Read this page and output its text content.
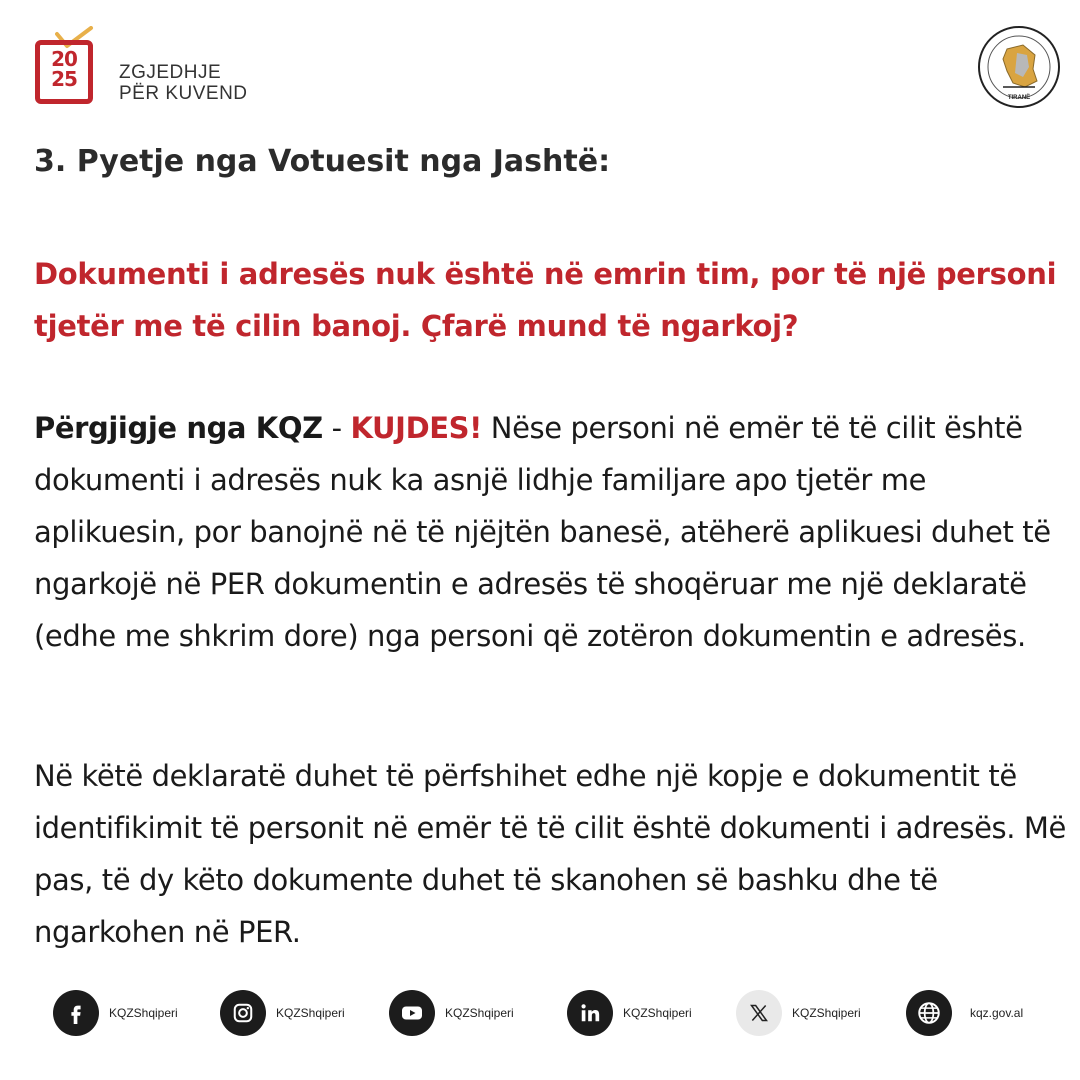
20
25	ZGJEDHJE
PËR KUVEND	TIRANË
3. Pyetje nga Votuesit nga Jashtë:

Dokumenti i adresës nuk është në emrin tim, por të një personi tjetër me të cilin banoj. Çfarë mund të ngarkoj?

Përgjigje nga KQZ - KUJDES! Nëse personi në emër të të cilit është dokumenti i adresës nuk ka asnjë lidhje familjare apo tjetër me aplikuesin, por banojnë në të njëjtën banesë, atëherë aplikuesi duhet të ngarkojë në PER dokumentin e adresës të shoqëruar me një deklaratë (edhe me shkrim dore) nga personi që zotëron dokumentin e adresës.

Në këtë deklaratë duhet të përfshihet edhe një kopje e dokumentit të identifikimit të personit në emër të të cilit është dokumenti i adresës. Më pas, të dy këto dokumente duhet të skanohen së bashku dhe të ngarkohen në PER.

KQZShqiperi	KQZShqiperi	KQZShqiperi	KQZShqiperi	KQZShqiperi	kqz.gov.al
